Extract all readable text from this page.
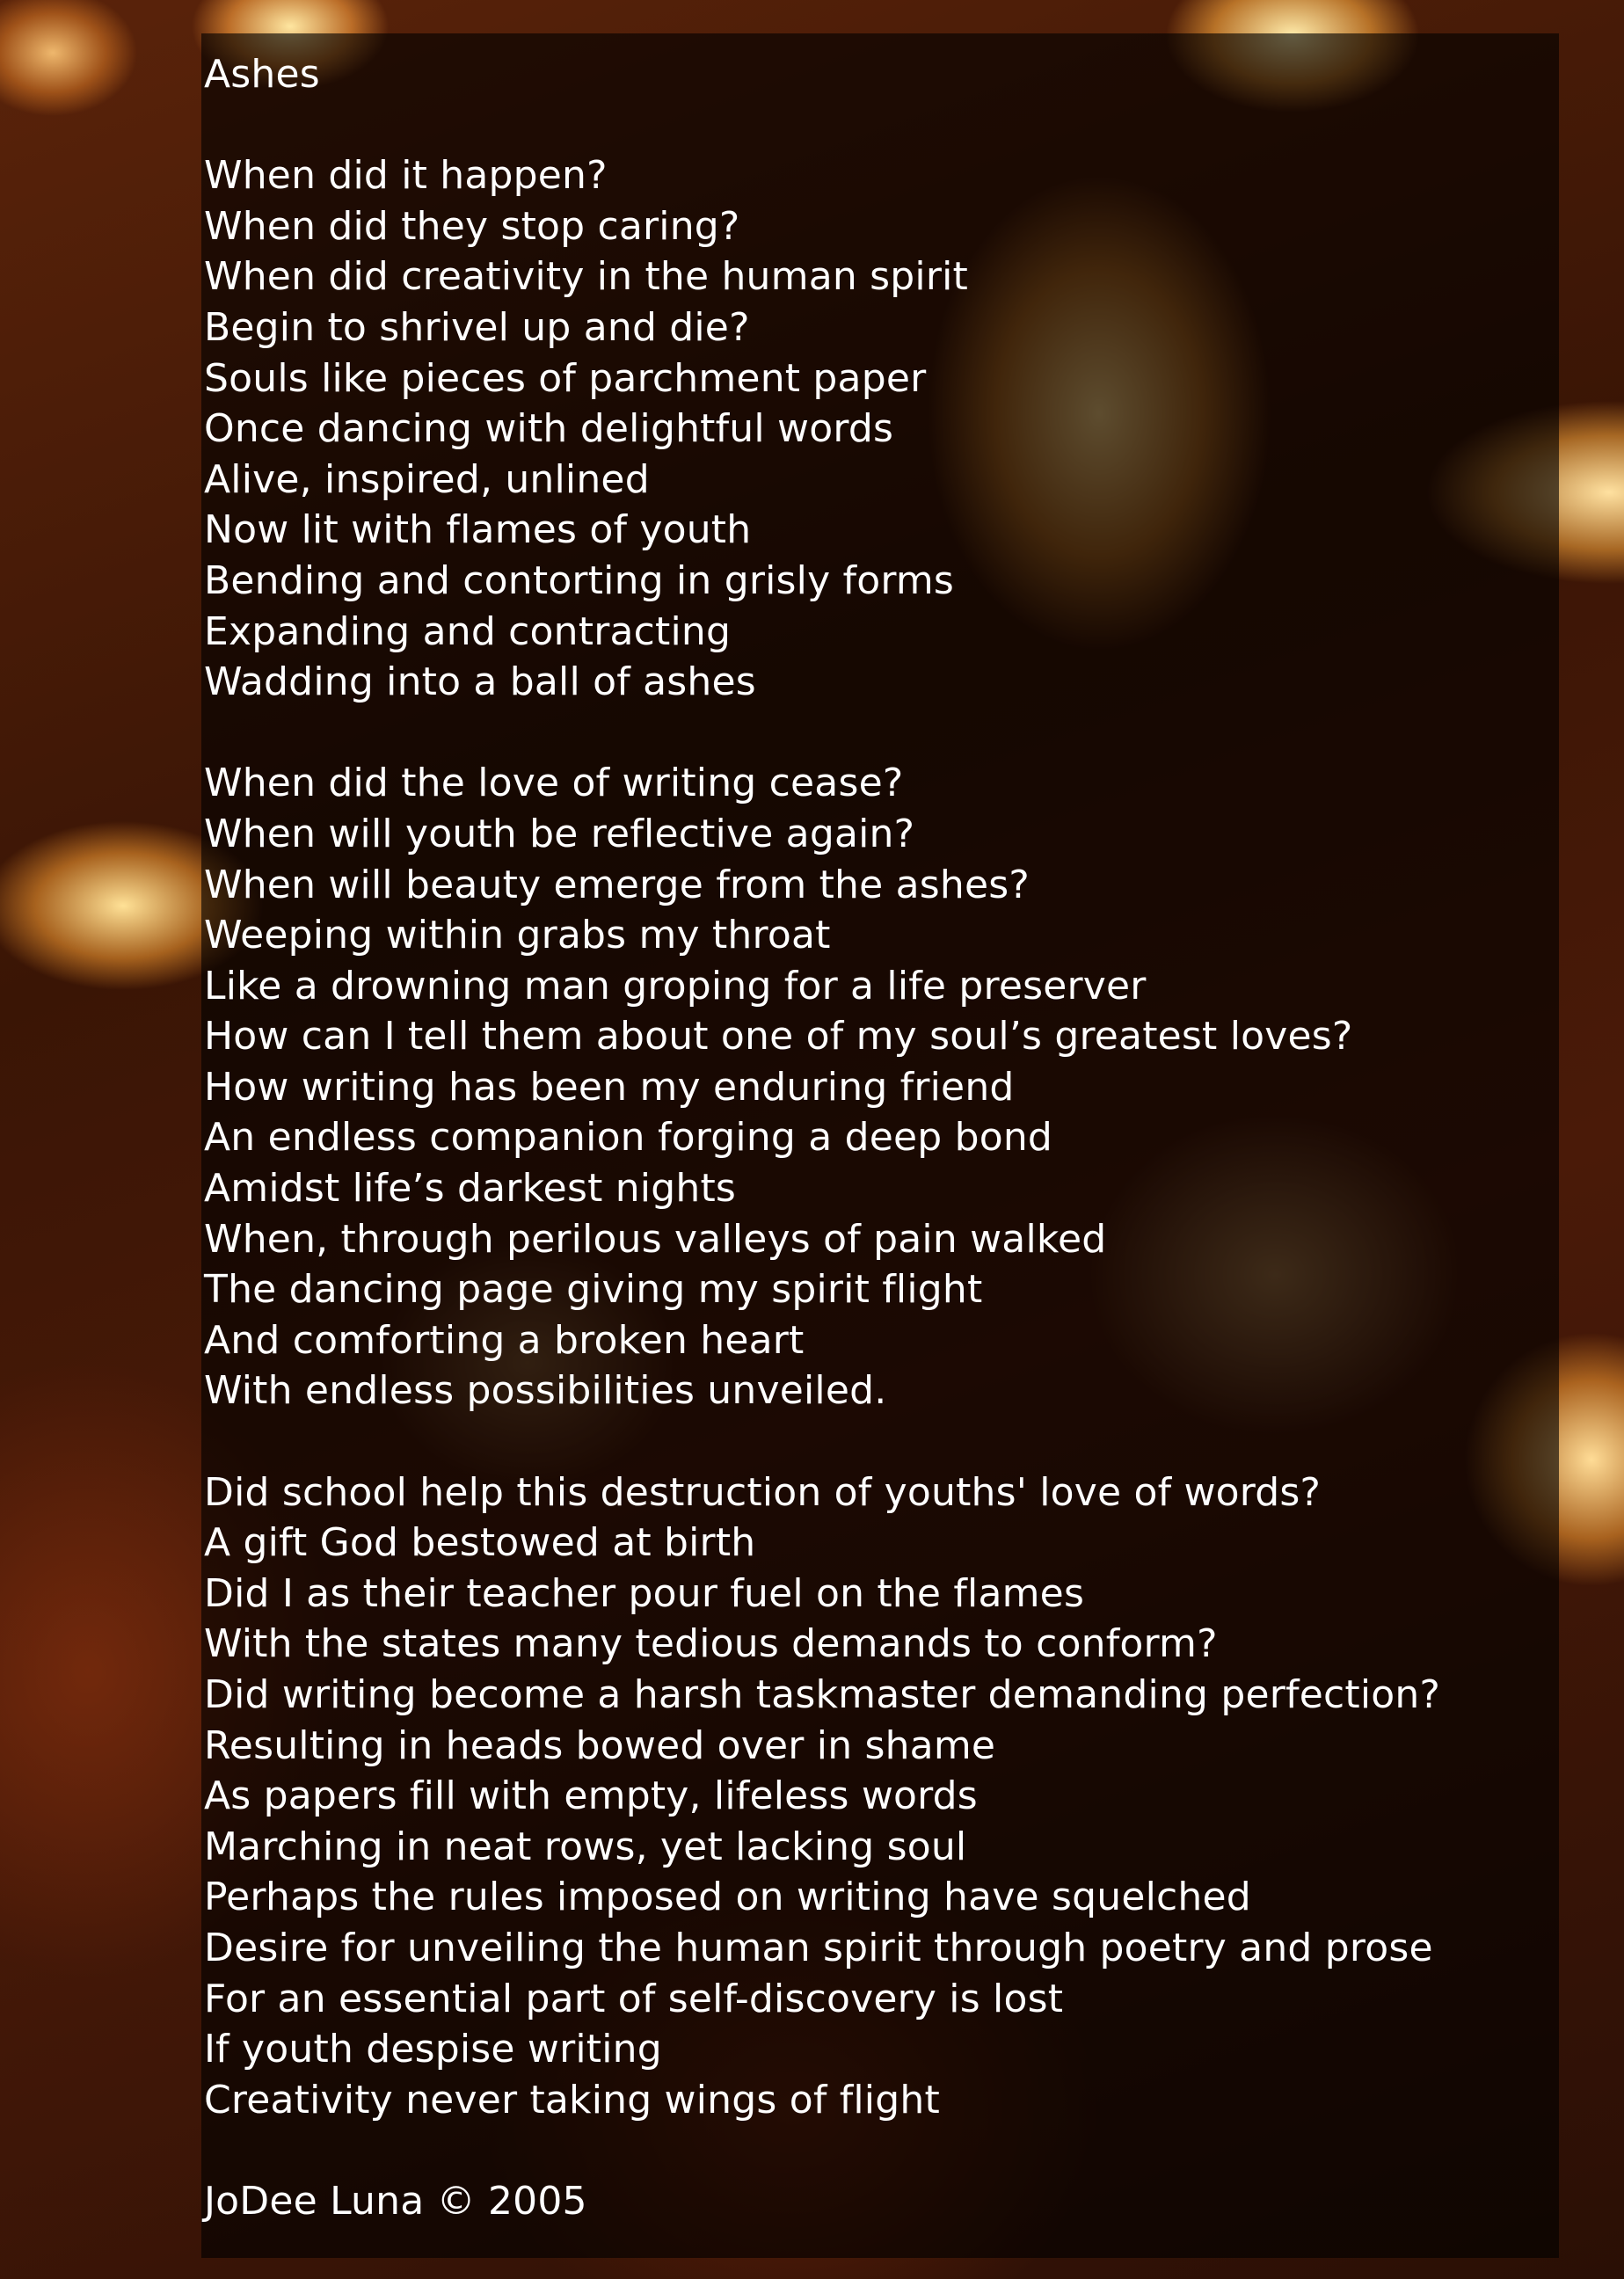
Ashes
When did it happen?
When did they stop caring?
When did creativity in the human spirit
Begin to shrivel up and die?
Souls like pieces of parchment paper
Once dancing with delightful words
Alive, inspired, unlined
Now lit with flames of youth
Bending and contorting in grisly forms
Expanding and contracting
Wadding into a ball of ashes
When did the love of writing cease?
When will youth be reflective again?
When will beauty emerge from the ashes?
Weeping within grabs my throat
Like a drowning man groping for a life preserver
How can I tell them about one of my soul’s greatest loves?
How writing has been my enduring friend
An endless companion forging a deep bond
Amidst life’s darkest nights
When, through perilous valleys of pain walked
The dancing page giving my spirit flight
And comforting a broken heart
With endless possibilities unveiled.
Did school help this destruction of youths' love of words?
A gift God bestowed at birth
Did I as their teacher pour fuel on the flames
With the states many tedious demands to conform?
Did writing become a harsh taskmaster demanding perfection?
Resulting in heads bowed over in shame
As papers fill with empty, lifeless words
Marching in neat rows, yet lacking soul
Perhaps the rules imposed on writing have squelched
Desire for unveiling the human spirit through poetry and prose
For an essential part of self-discovery is lost
If youth despise writing
Creativity never taking wings of flight
JoDee Luna © 2005
